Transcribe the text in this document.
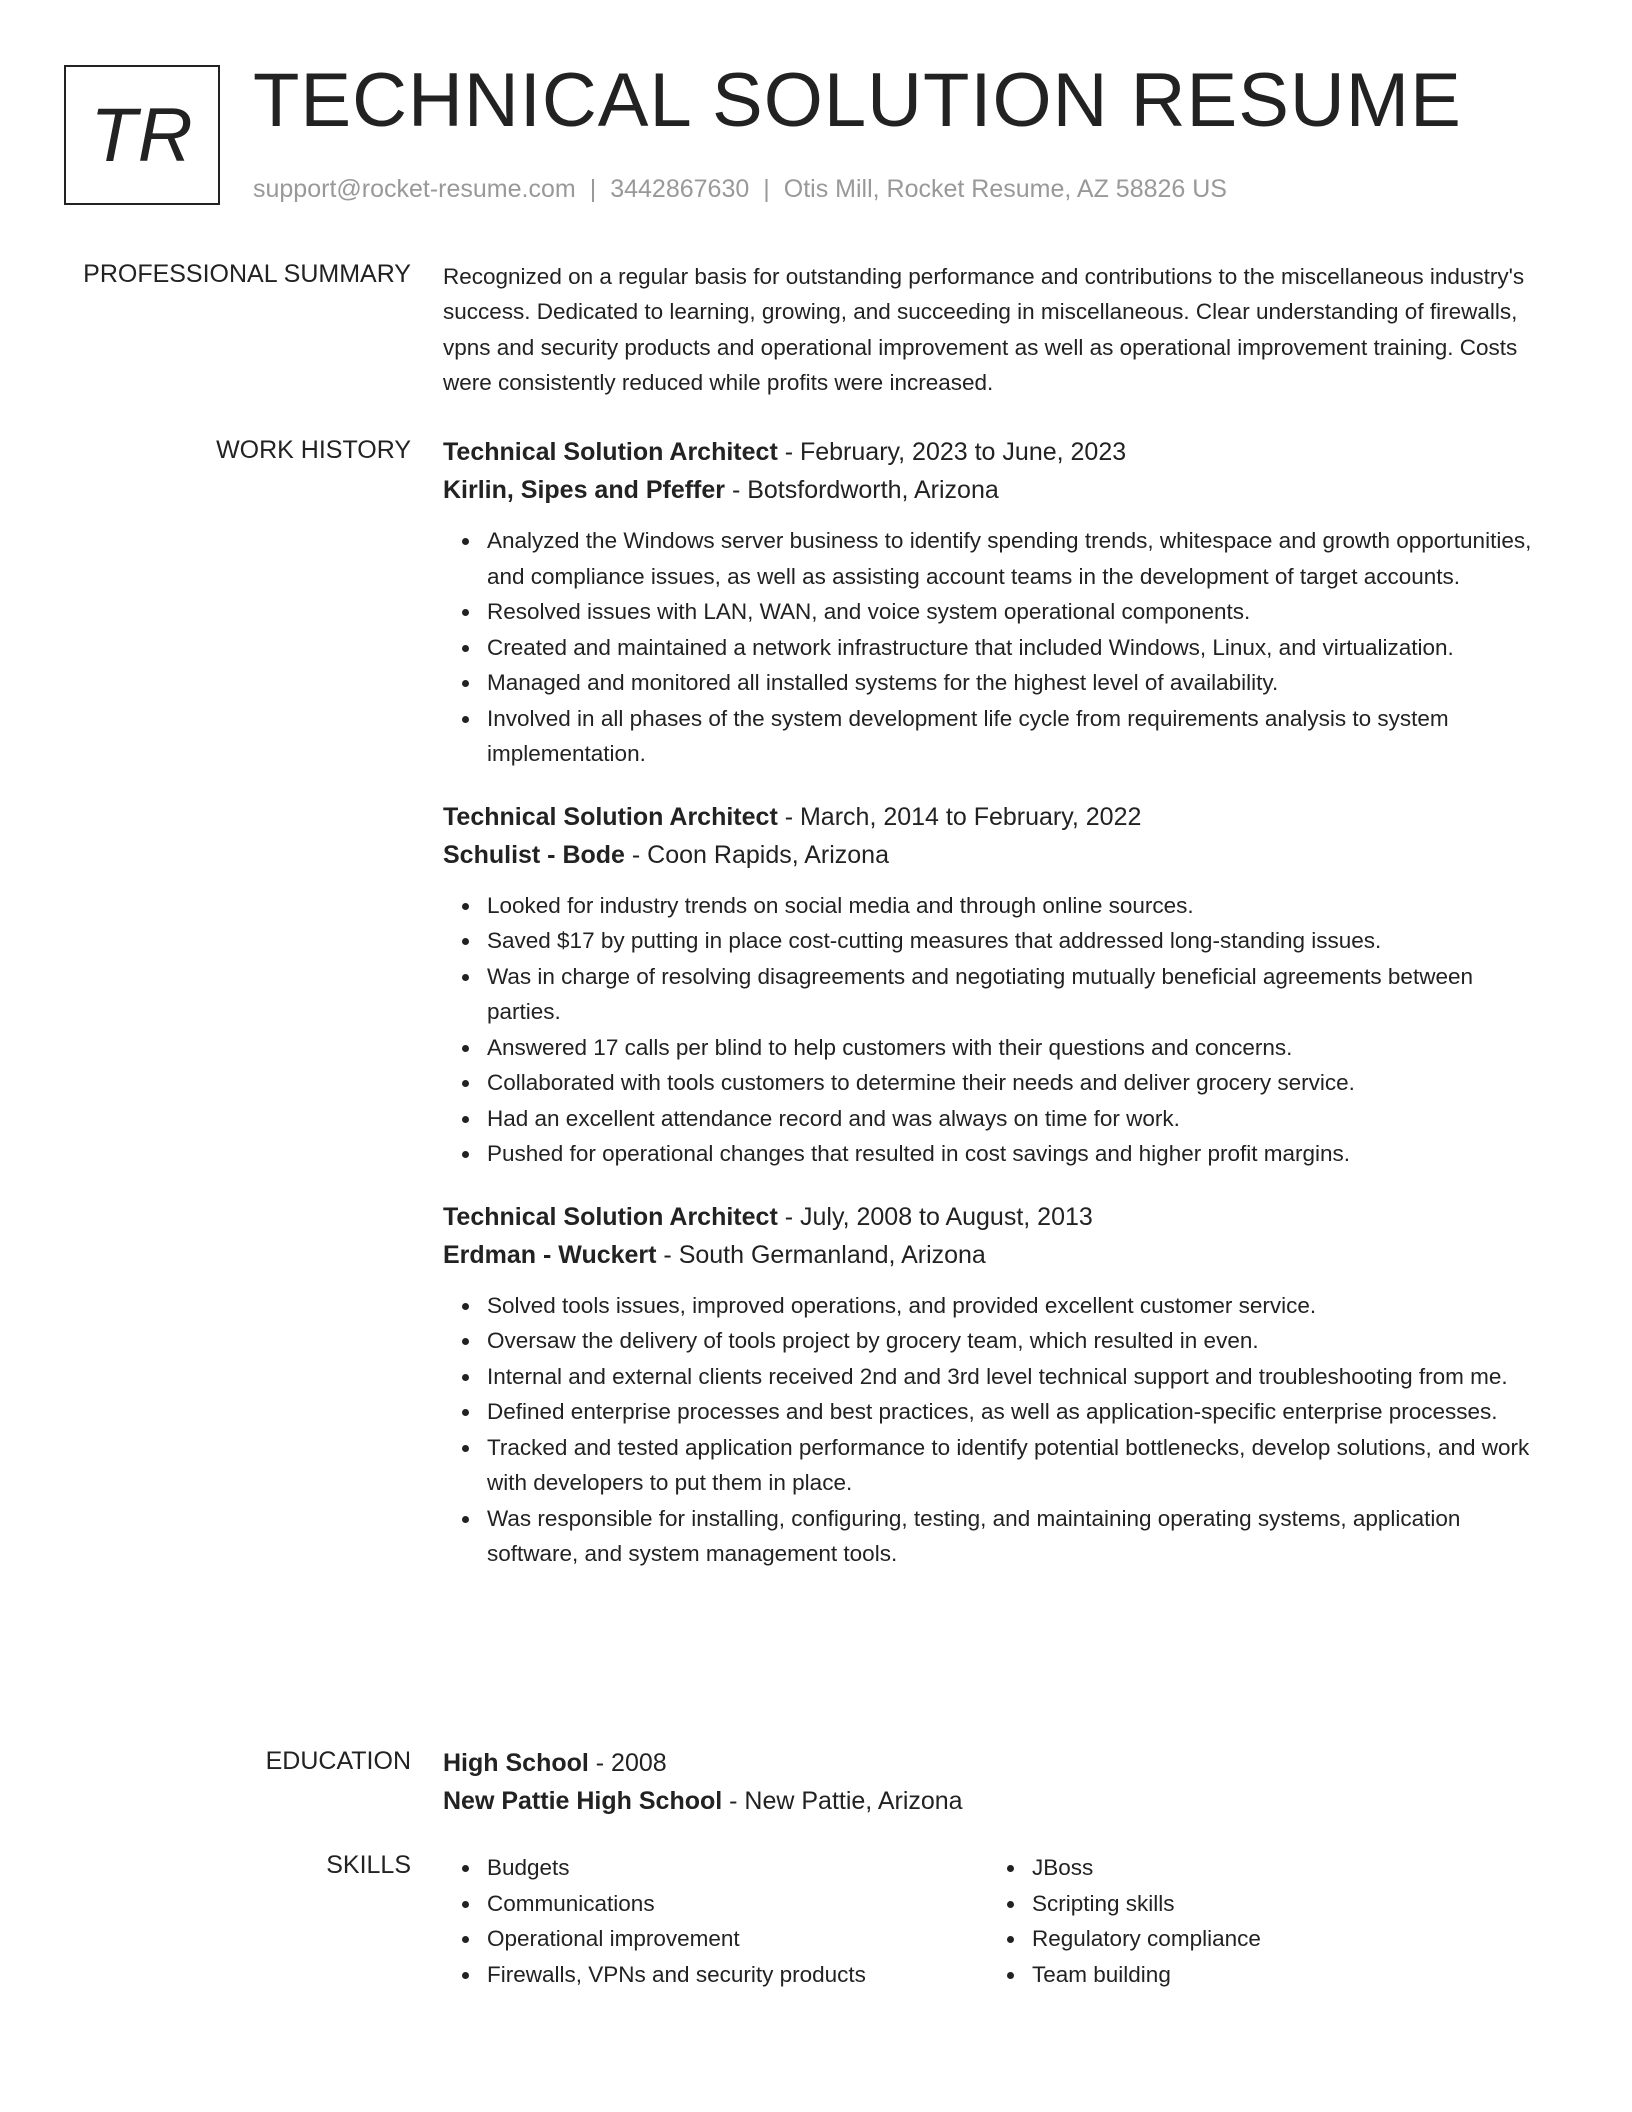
TR TECHNICAL SOLUTION RESUME
support@rocket-resume.com | 3442867630 | Otis Mill, Rocket Resume, AZ 58826 US
PROFESSIONAL SUMMARY Recognized on a regular basis for outstanding performance and contributions to the miscellaneous industry's success. Dedicated to learning, growing, and succeeding in miscellaneous. Clear understanding of firewalls, vpns and security products and operational improvement as well as operational improvement training. Costs were consistently reduced while profits were increased.

WORK HISTORY Technical Solution Architect - February, 2023 to June, 2023
Kirlin, Sipes and Pfeffer - Botsfordworth, Arizona
Analyzed the Windows server business to identify spending trends, whitespace and growth opportunities, and compliance issues, as well as assisting account teams in the development of target accounts.
Resolved issues with LAN, WAN, and voice system operational components.
Created and maintained a network infrastructure that included Windows, Linux, and virtualization.
Managed and monitored all installed systems for the highest level of availability.
Involved in all phases of the system development life cycle from requirements analysis to system implementation.
Technical Solution Architect - March, 2014 to February, 2022
Schulist - Bode - Coon Rapids, Arizona
Looked for industry trends on social media and through online sources.
Saved $17 by putting in place cost-cutting measures that addressed long-standing issues.
Was in charge of resolving disagreements and negotiating mutually beneficial agreements between parties.
Answered 17 calls per blind to help customers with their questions and concerns.
Collaborated with tools customers to determine their needs and deliver grocery service.
Had an excellent attendance record and was always on time for work.
Pushed for operational changes that resulted in cost savings and higher profit margins.
Technical Solution Architect - July, 2008 to August, 2013
Erdman - Wuckert - South Germanland, Arizona
Solved tools issues, improved operations, and provided excellent customer service.
Oversaw the delivery of tools project by grocery team, which resulted in even.
Internal and external clients received 2nd and 3rd level technical support and troubleshooting from me.
Defined enterprise processes and best practices, as well as application-specific enterprise processes.
Tracked and tested application performance to identify potential bottlenecks, develop solutions, and work with developers to put them in place.
Was responsible for installing, configuring, testing, and maintaining operating systems, application software, and system management tools.
EDUCATION High School - 2008
New Pattie High School - New Pattie, Arizona
SKILLS	Budgets
Communications
Operational improvement
Firewalls, VPNs and security products
JBoss
Scripting skills
Regulatory compliance
Team building
